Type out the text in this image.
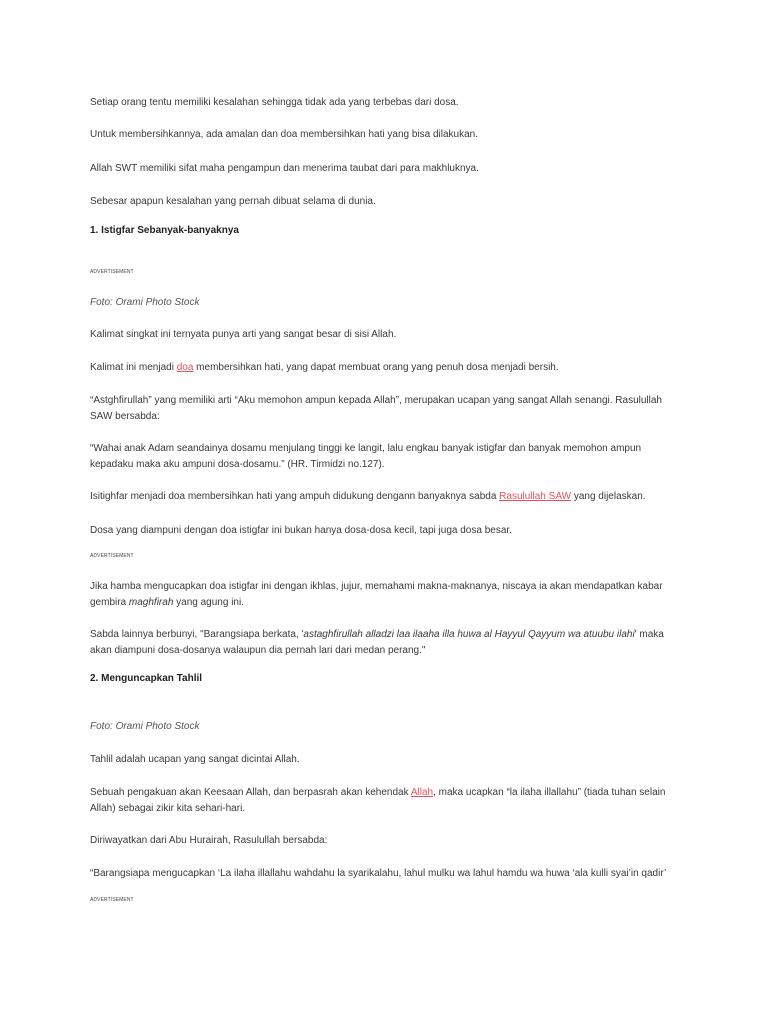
Setiap orang tentu memiliki kesalahan sehingga tidak ada yang terbebas dari dosa.

Untuk membersihkannya, ada amalan dan doa membersihkan hati yang bisa dilakukan.

Allah SWT memiliki sifat maha pengampun dan menerima taubat dari para makhluknya.

Sebesar apapun kesalahan yang pernah dibuat selama di dunia.

1. Istigfar Sebanyak-banyaknya
ADVERTISEMENT

Foto: Orami Photo Stock

Kalimat singkat ini ternyata punya arti yang sangat besar di sisi Allah.

Kalimat ini menjadi doa membersihkan hati, yang dapat membuat orang yang penuh dosa menjadi bersih.

“Astghfirullah” yang memiliki arti “Aku memohon ampun kepada Allah”, merupakan ucapan yang sangat Allah senangi. Rasulullah SAW bersabda:

“Wahai anak Adam seandainya dosamu menjulang tinggi ke langit, lalu engkau banyak istigfar dan banyak memohon ampun kepadaku maka aku ampuni dosa-dosamu.” (HR. Tirmidzi no.127).

Isitighfar menjadi doa membersihkan hati yang ampuh didukung dengann banyaknya sabda Rasulullah SAW yang dijelaskan.

Dosa yang diampuni dengan doa istigfar ini bukan hanya dosa-dosa kecil, tapi juga dosa besar.

ADVERTISEMENT

Jika hamba mengucapkan doa istigfar ini dengan ikhlas, jujur, memahami makna-maknanya, niscaya ia akan mendapatkan kabar gembira maghfirah yang agung ini.

Sabda lainnya berbunyi, "Barangsiapa berkata, 'astaghfirullah alladzi laa ilaaha illa huwa al Hayyul Qayyum wa atuubu ilahi' maka akan diampuni dosa-dosanya walaupun dia pernah lari dari medan perang."

2. Menguncapkan Tahlil

Foto: Orami Photo Stock

Tahlil adalah ucapan yang sangat dicintai Allah.

Sebuah pengakuan akan Keesaan Allah, dan berpasrah akan kehendak Allah, maka ucapkan “la ilaha illallahu” (tiada tuhan selain Allah) sebagai zikir kita sehari-hari.

Diriwayatkan dari Abu Hurairah, Rasulullah bersabda:

“Barangsiapa mengucapkan ‘La ilaha illallahu wahdahu la syarikalahu, lahul mulku wa lahul hamdu wa huwa ‘ala kulli syai’in qadir’

ADVERTISEMENT
